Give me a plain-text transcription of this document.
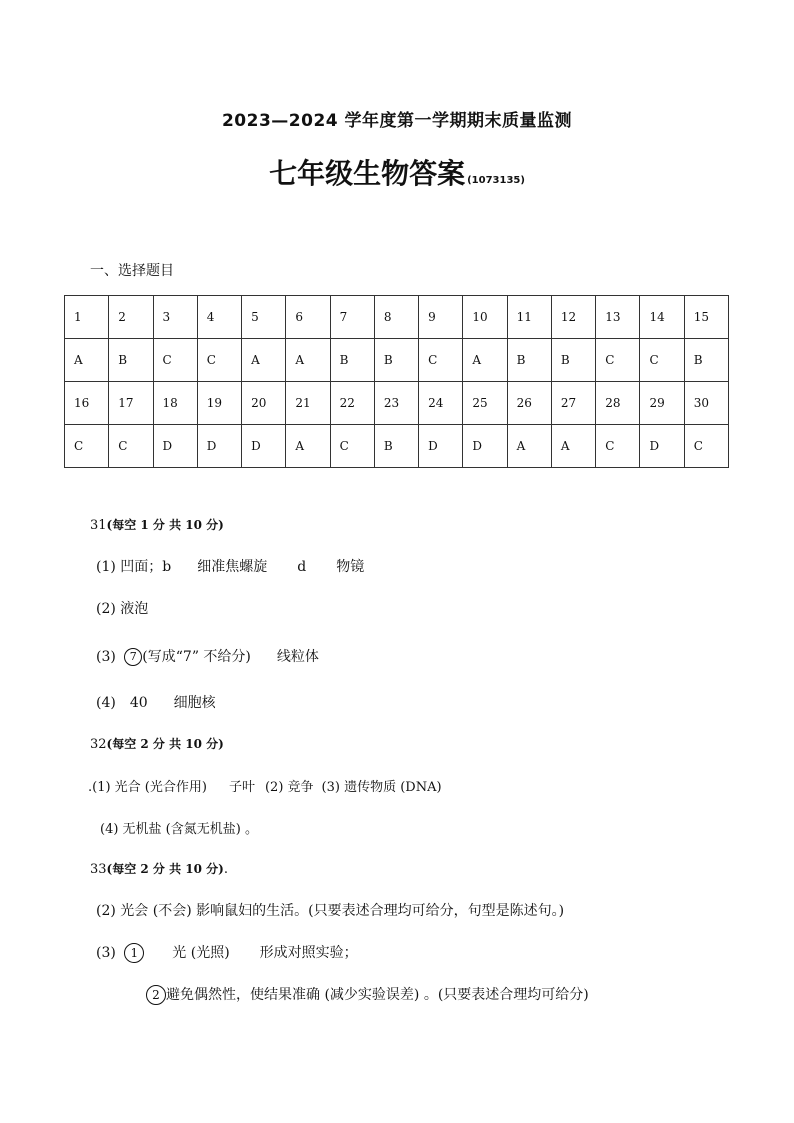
2023—2024 学年度第一学期期末质量监测
七年级生物答案 (1073135)
一、选择题目
1	2	3	4	5	6	7	8	9	10	11	12	13	14	15
A	B	C	C	A	A	B	B	C	A	B	B	C	C	B
16	17	18	19	20	21	22	23	24	25	26	27	28	29	30
C	C	D	D	D	A	C	B	D	D	A	A	C	D	C
31(每空 1 分 共 10 分)
(1) 凹面；b 细准焦螺旋 d 物镜
(2) 液泡
(3) 7 (写成“7” 不给分) 线粒体
(4) 40 细胞核
32(每空 2 分 共 10 分)
.(1) 光合 (光合作用) 子叶 (2) 竞争 (3) 遗传物质 (DNA)
(4) 无机盐 (含氮无机盐) 。
33(每空 2 分 共 10 分).
(2) 光会 (不会) 影响鼠妇的生活。(只要表述合理均可给分，句型是陈述句。)
(3) 1 光 (光照) 形成对照实验；
2 避免偶然性，使结果准确 (减少实验误差) 。(只要表述合理均可给分)
